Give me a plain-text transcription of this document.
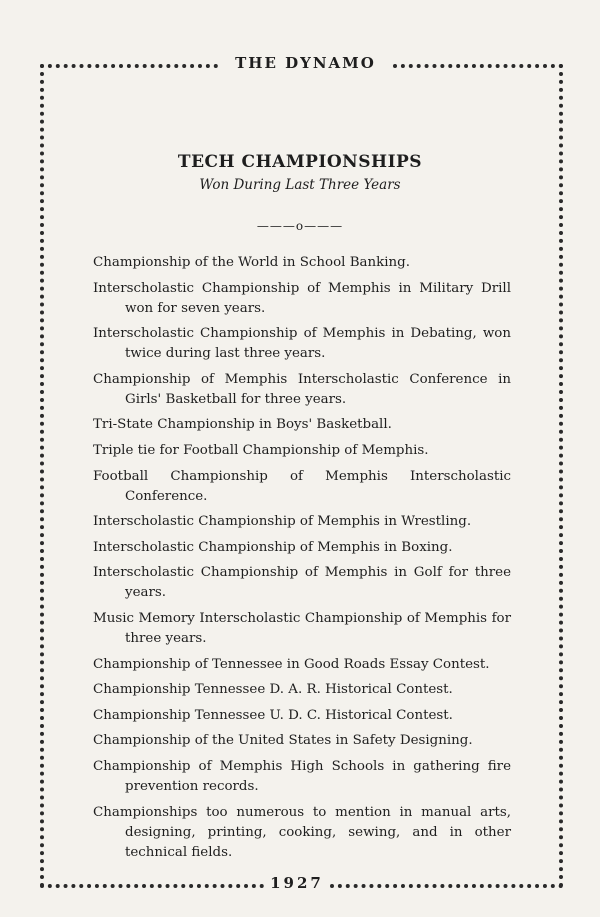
THE DYNAMO
TECH CHAMPIONSHIPS
Won During Last Three Years
———o———
Championship of the World in School Banking.
Interscholastic Championship of Memphis in Military Drill won for seven years.
Interscholastic Championship of Memphis in Debating, won twice during last three years.
Championship of Memphis Interscholastic Conference in Girls' Basketball for three years.
Tri-State Championship in Boys' Basketball.
Triple tie for Football Championship of Memphis.
Football Championship of Memphis Interscholastic Conference.
Interscholastic Championship of Memphis in Wrestling.
Interscholastic Championship of Memphis in Boxing.
Interscholastic Championship of Memphis in Golf for three years.
Music Memory Interscholastic Championship of Memphis for three years.
Championship of Tennessee in Good Roads Essay Contest.
Championship Tennessee D. A. R. Historical Contest.
Championship Tennessee U. D. C. Historical Contest.
Championship of the United States in Safety Designing.
Championship of Memphis High Schools in gathering fire prevention records.
Championships too numerous to mention in manual arts, designing, printing, cooking, sewing, and in other technical fields.
1927
